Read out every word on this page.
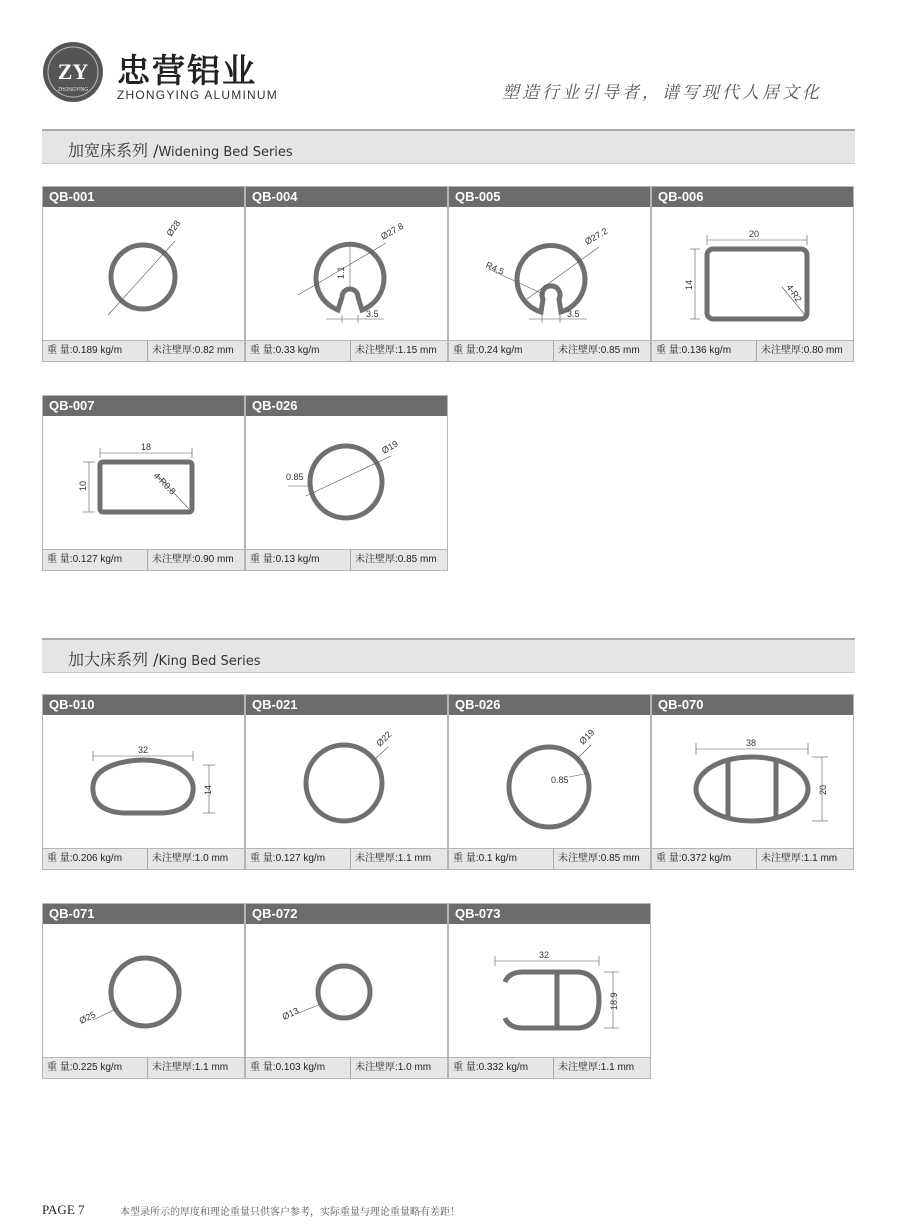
ZY
ZHONGYING 忠营铝业
ZHONGYING ALUMINUM	塑造行业引导者，谱写现代人居文化
加宽床系列 /Widening Bed Series
加大床系列 /King Bed Series
QB-001
Ø28
重 量:0.189 kg/m	未注壁厚:0.82 mm
QB-004
Ø27.8
1.1
3.5
重 量:0.33 kg/m	未注壁厚:1.15 mm
QB-005
R4.5
Ø27.2
3.5
重 量:0.24 kg/m	未注壁厚:0.85 mm
QB-006
20
14	4-R2
重 量:0.136 kg/m	未注壁厚:0.80 mm
QB-007
18
10	4-R0.8
重 量:0.127 kg/m	未注壁厚:0.90 mm
QB-026
Ø19
0.85
重 量:0.13 kg/m	未注壁厚:0.85 mm
QB-010
32
14
重 量:0.206 kg/m	未注壁厚:1.0 mm
QB-021
Ø22
重 量:0.127 kg/m	未注壁厚:1.1 mm
QB-026
Ø19
0.85
重 量:0.1 kg/m	未注壁厚:0.85 mm
QB-070
38
20
重 量:0.372 kg/m	未注壁厚:1.1 mm
QB-071
Ø25
重 量:0.225 kg/m	未注壁厚:1.1 mm
QB-072
Ø13
重 量:0.103 kg/m	未注壁厚:1.0 mm
QB-073
32
18.9
重 量:0.332 kg/m	未注壁厚:1.1 mm
PAGE 7	本型录所示的厚度和理论重量只供客户参考，实际重量与理论重量略有差距！
